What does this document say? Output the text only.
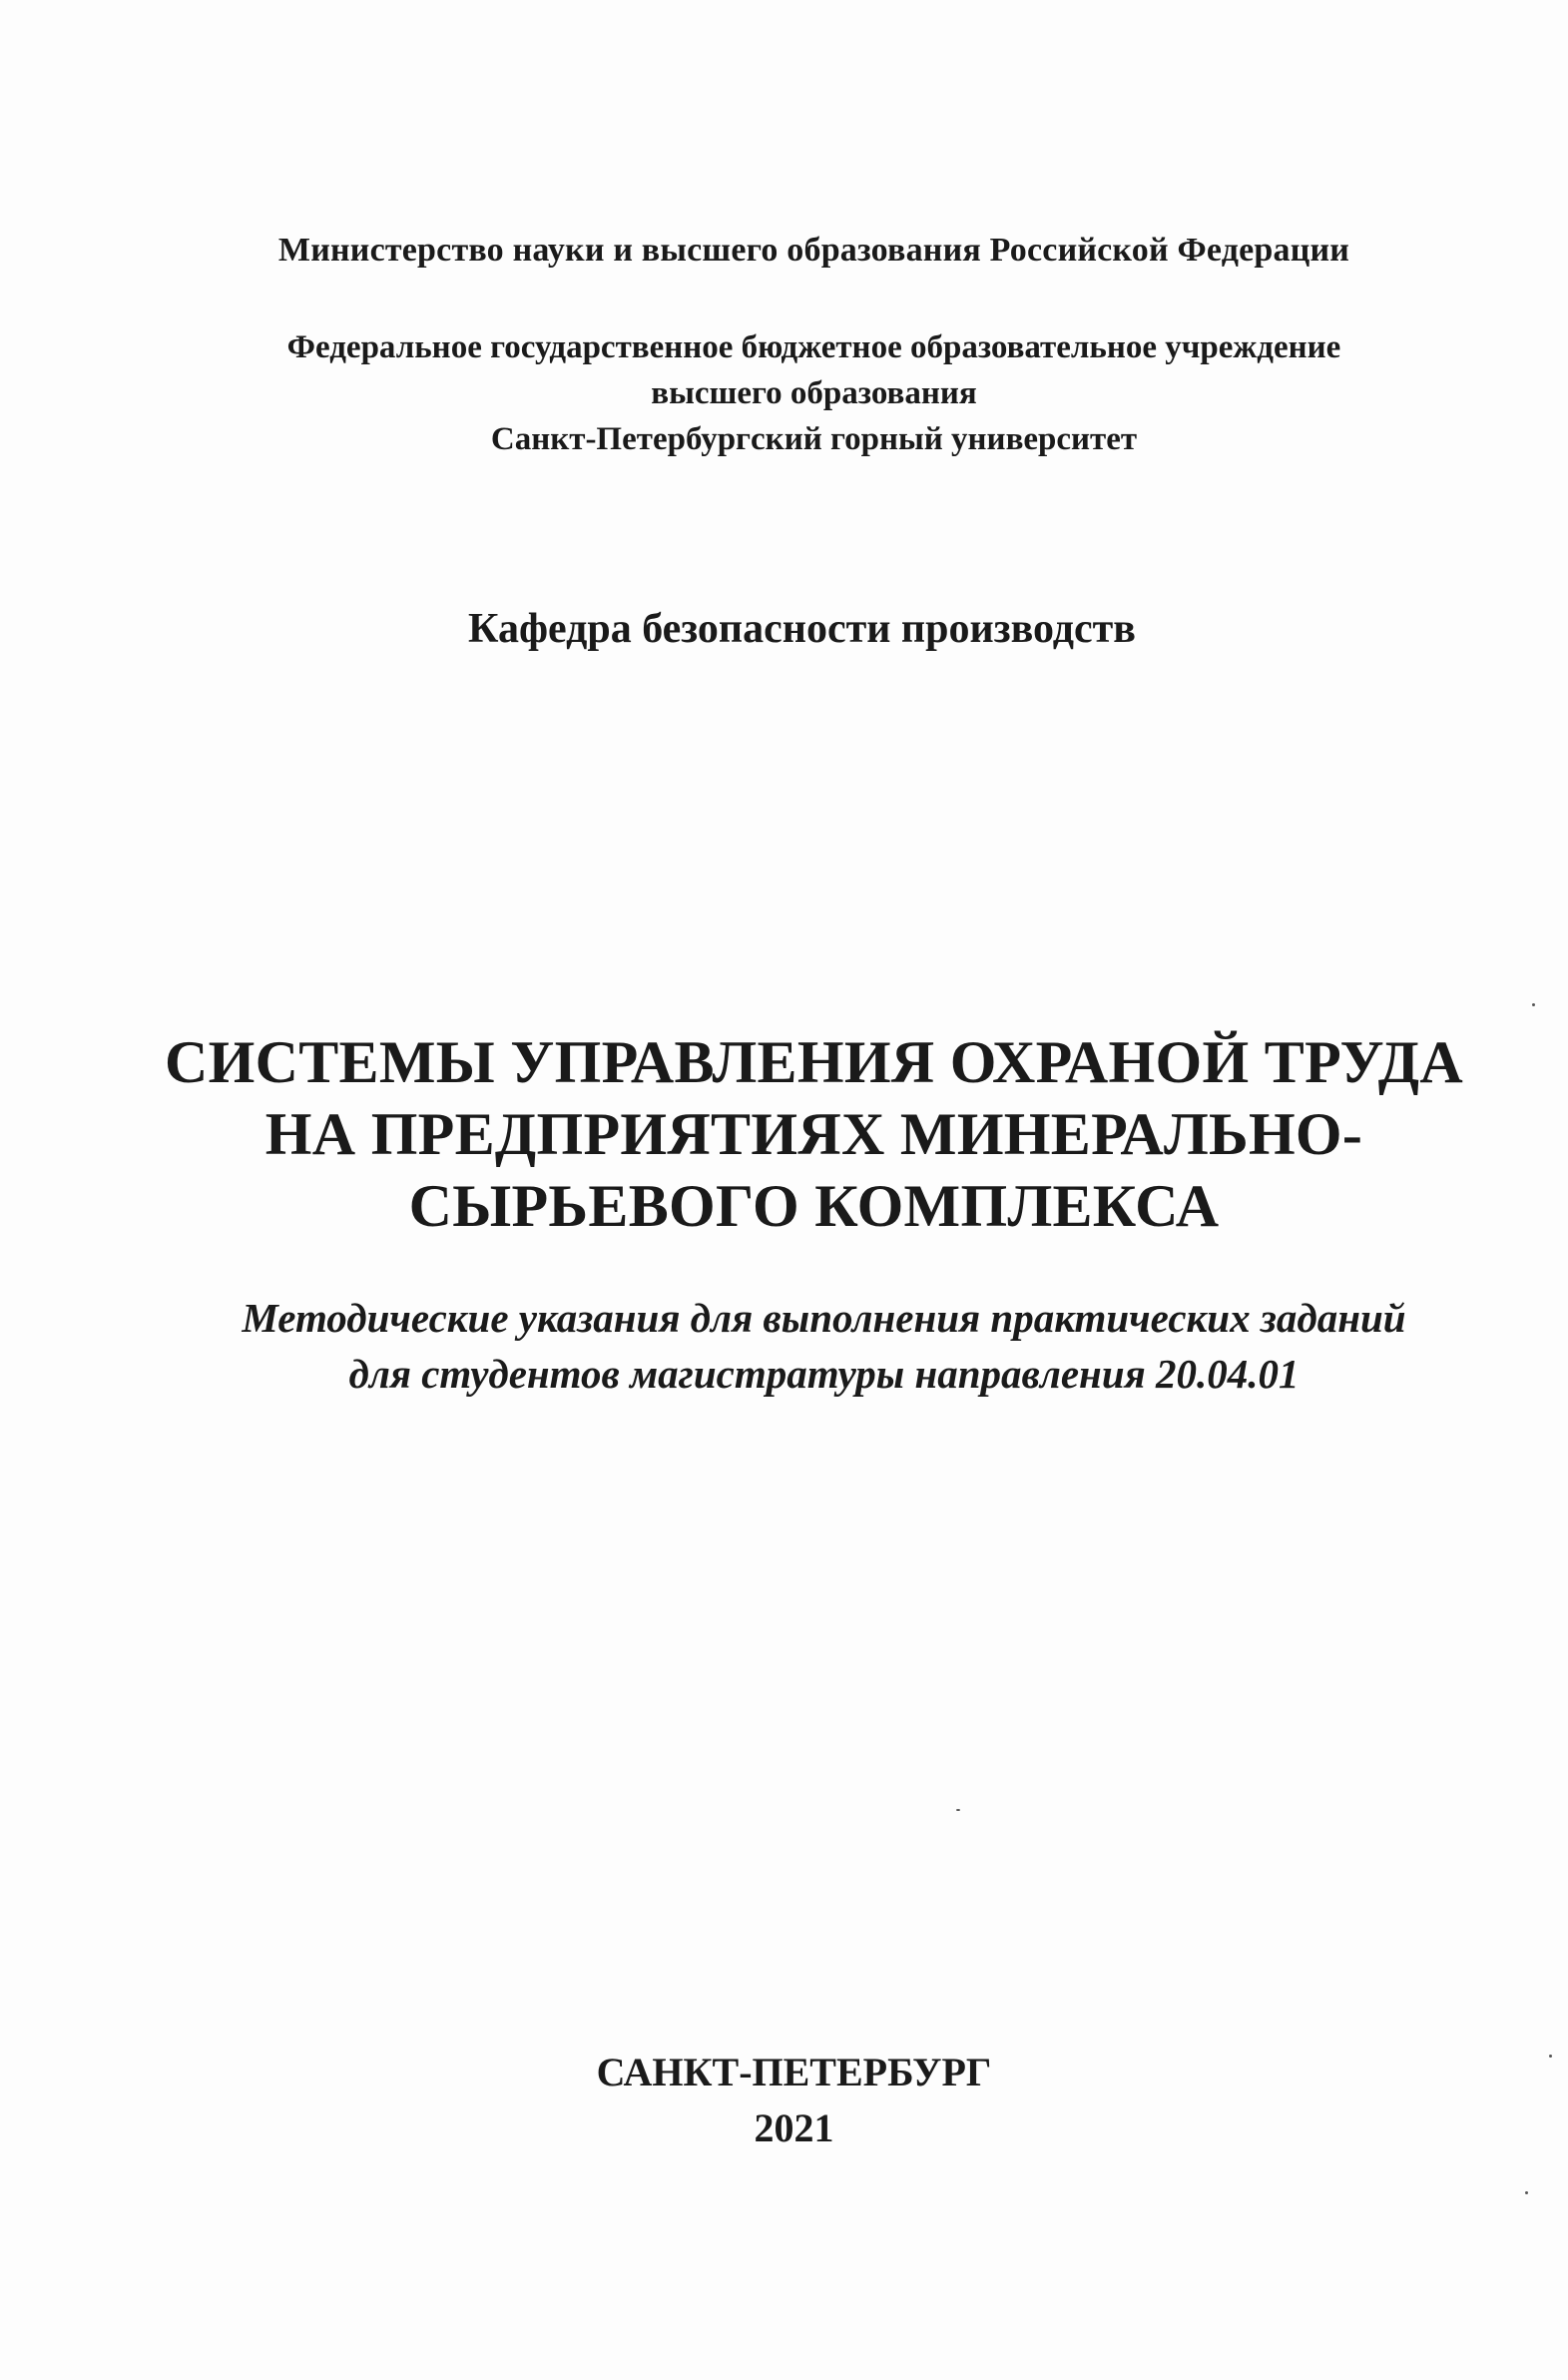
Министерство науки и высшего образования Российской Федерации
Федеральное государственное бюджетное образовательное учреждение
высшего образования
Санкт-Петербургский горный университет
Кафедра безопасности производств
СИСТЕМЫ УПРАВЛЕНИЯ ОХРАНОЙ ТРУДА
НА ПРЕДПРИЯТИЯХ МИНЕРАЛЬНО-
СЫРЬЕВОГО КОМПЛЕКСА
Методические указания для выполнения практических заданий
для студентов магистратуры направления 20.04.01
САНКТ-ПЕТЕРБУРГ
2021
